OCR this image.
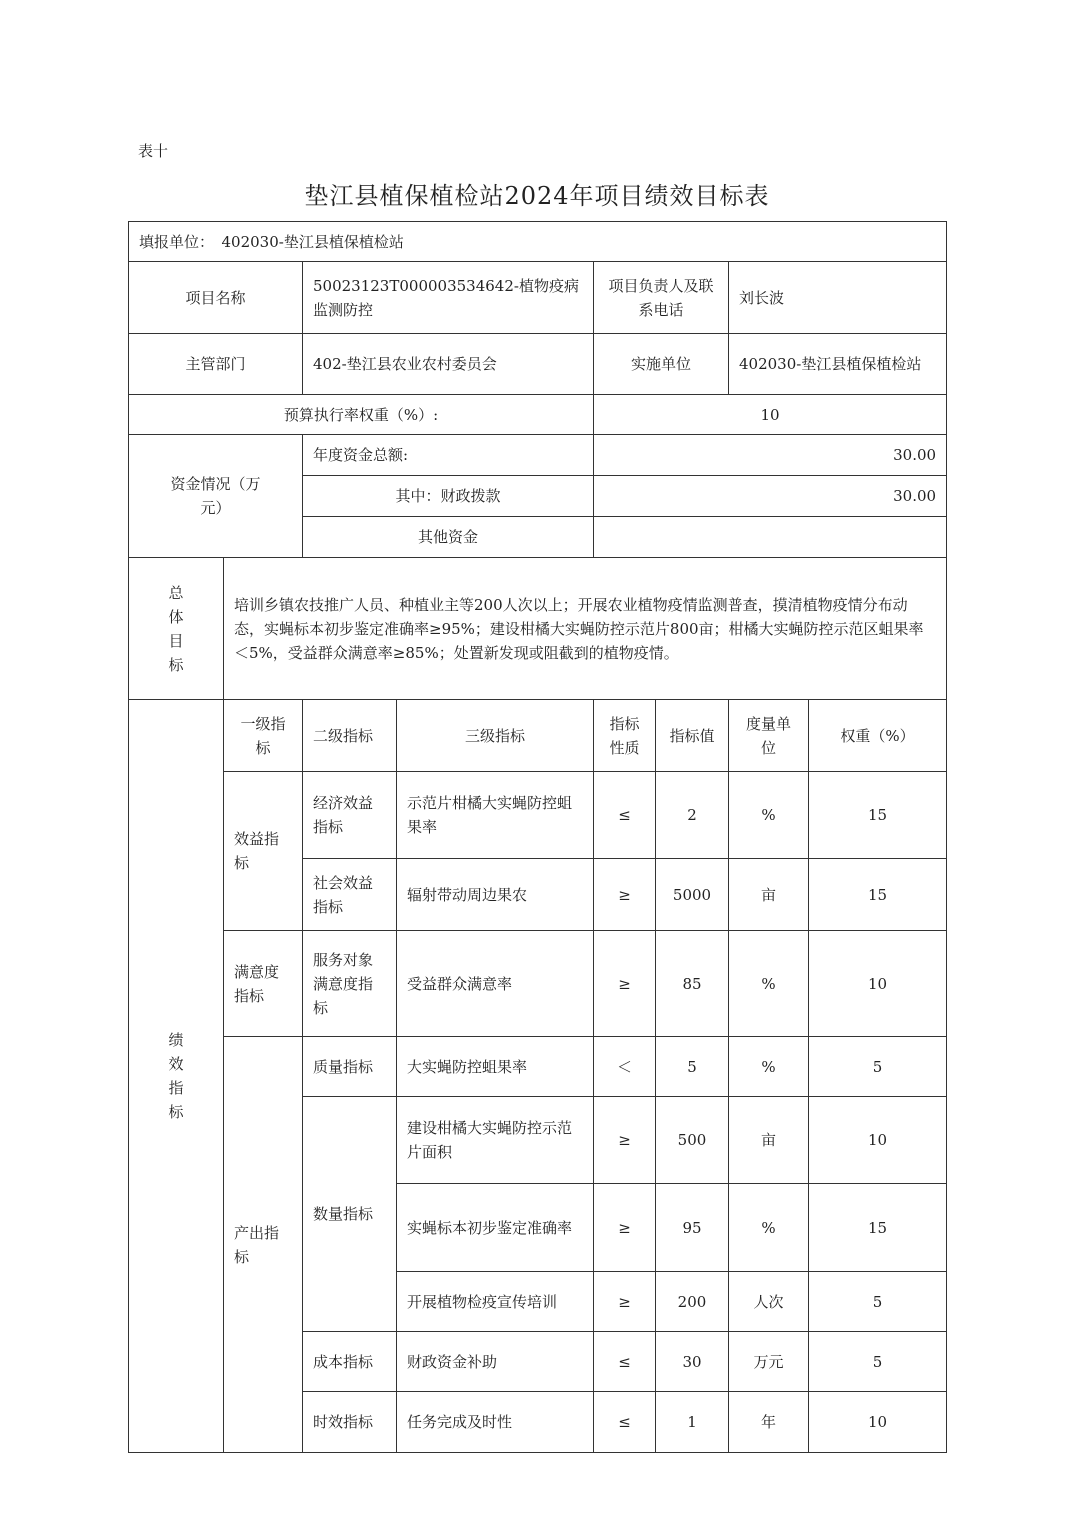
表十
垫江县植保植检站2024年项目绩效目标表
填报单位：　402030-垫江县植保植检站							
项目名称		50023123T000003534642-植物疫病监测防控		项目负责人及联系电话		刘长波	
主管部门		402-垫江县农业农村委员会		实施单位		402030-垫江县植保植检站	
预算执行率权重（%）:				10			
资金情况（万元）		年度资金总额:		30.00			
		其中：财政拨款		30.00			
		其他资金					

总体目标	培训乡镇农技推广人员、种植业主等200人次以上；开展农业植物疫情监测普查，摸清植物疫情分布动态，实蝇标本初步鉴定准确率≥95%；建设柑橘大实蝇防控示范片800亩；柑橘大实蝇防控示范区蛆果率＜5%，受益群众满意率≥85%；处置新发现或阻截到的植物疫情。						

绩效指标	一级指标	二级指标	三级指标	指标性质	指标值	度量单位	权重（%）
	效益指标	经济效益指标	示范片柑橘大实蝇防控蛆果率	≤	2	%	15
		社会效益指标	辐射带动周边果农	≥	5000	亩	15
	满意度指标	服务对象满意度指标	受益群众满意率	≥	85	%	10
	产出指标	质量指标	大实蝇防控蛆果率	＜	5	%	5
		数量指标	建设柑橘大实蝇防控示范片面积	≥	500	亩	10
			实蝇标本初步鉴定准确率	≥	95	%	15
			开展植物检疫宣传培训	≥	200	人次	5
		成本指标	财政资金补助	≤	30	万元	5
		时效指标	任务完成及时性	≤	1	年	10
